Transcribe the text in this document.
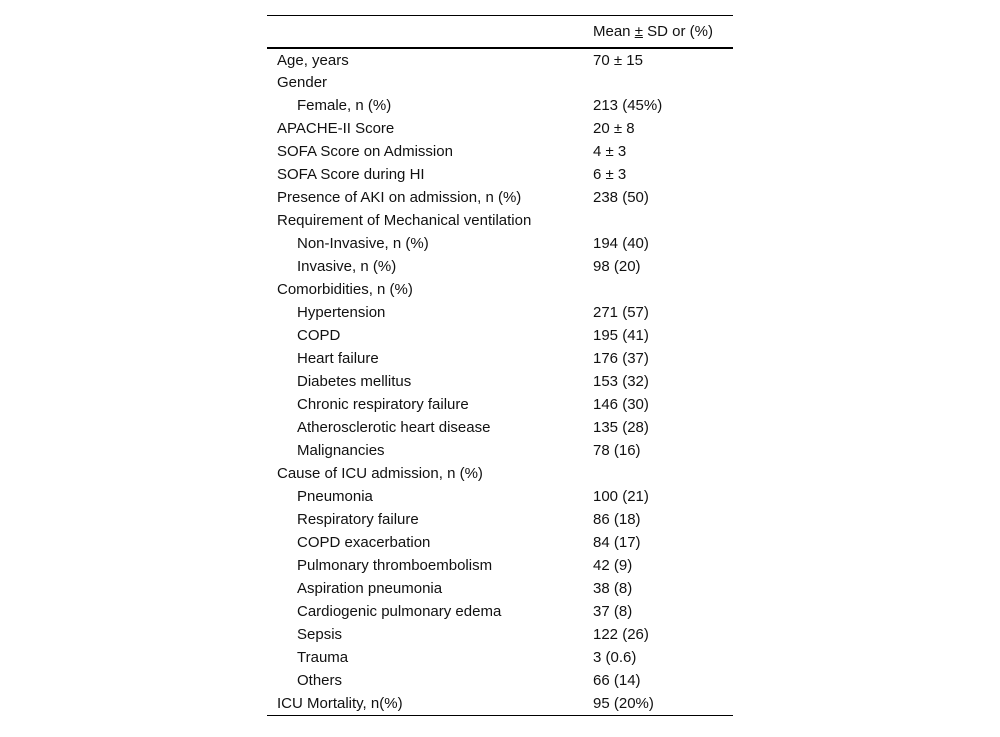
	Mean ± SD or (%)
Age, years	70 ± 15
Gender	
Female, n (%)	213 (45%)
APACHE-II Score	20 ± 8
SOFA Score on Admission	4 ± 3
SOFA Score during HI	6 ± 3
Presence of AKI on admission, n (%)	238 (50)
Requirement of Mechanical ventilation	
Non-Invasive, n (%)	194 (40)
Invasive, n (%)	98 (20)
Comorbidities, n (%)	
Hypertension	271 (57)
COPD	195 (41)
Heart failure	176 (37)
Diabetes mellitus	153 (32)
Chronic respiratory failure	146 (30)
Atherosclerotic heart disease	135 (28)
Malignancies	78 (16)
Cause of ICU admission, n (%)	
Pneumonia	100 (21)
Respiratory failure	86 (18)
COPD exacerbation	84 (17)
Pulmonary thromboembolism	42 (9)
Aspiration pneumonia	38 (8)
Cardiogenic pulmonary edema	37 (8)
Sepsis	122 (26)
Trauma	3 (0.6)
Others	66 (14)
ICU Mortality, n(%)	95 (20%)
